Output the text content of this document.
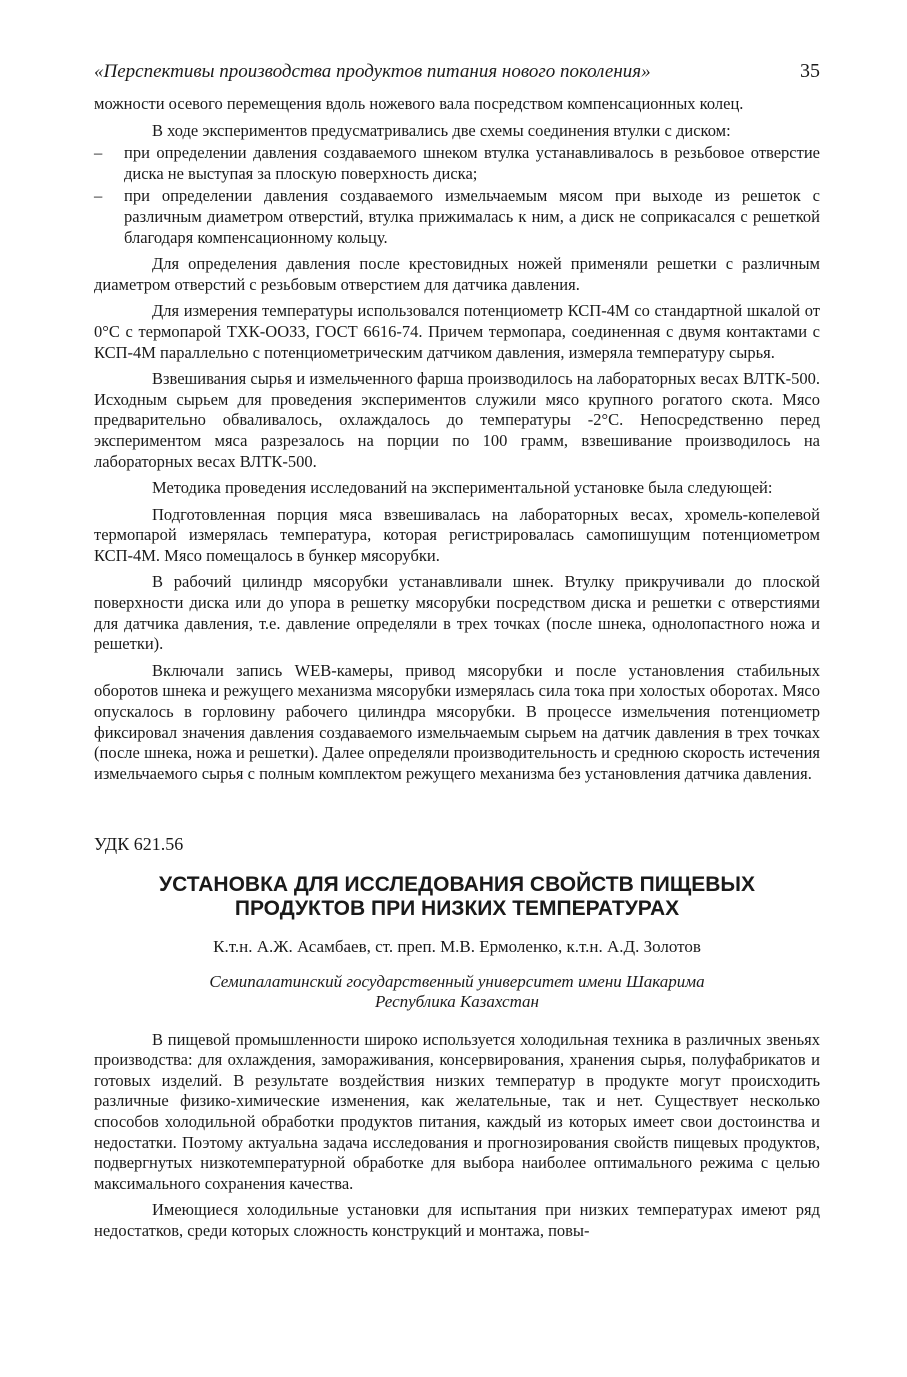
«Перспективы производства продуктов питания нового поколения»	35

можности осевого перемещения вдоль ножевого вала посредством компенсационных колец.

В ходе экспериментов предусматривались две схемы соединения втулки с диском:

–	при определении давления создаваемого шнеком втулка устанавливалось в резьбовое отверстие диска не выступая за плоскую поверхность диска;
–	при определении давления создаваемого измельчаемым мясом при выходе из решеток с различным диаметром отверстий, втулка прижималась к ним, а диск не соприкасался с решеткой благодаря компенсационному кольцу.

Для определения давления после крестовидных ножей применяли решетки с различным диаметром отверстий с резьбовым отверстием для датчика давления.

Для измерения температуры использовался потенциометр КСП-4М со стандартной шкалой от 0°С с термопарой ТХК-ООЗЗ, ГОСТ 6616-74. Причем термопара, соединенная с двумя контактами с КСП-4М параллельно с потенциометрическим датчиком давления, измеряла температуру сырья.

Взвешивания сырья и измельченного фарша производилось на лабораторных весах ВЛТК-500. Исходным сырьем для проведения экспериментов служили мясо крупного рогатого скота. Мясо предварительно обваливалось, охлаждалось до температуры -2°С. Непосредственно перед экспериментом мяса разрезалось на порции по 100 грамм, взвешивание производилось на лабораторных весах ВЛТК-500.

Методика проведения исследований на экспериментальной установке была следующей:

Подготовленная порция мяса взвешивалась на лабораторных весах, хромель-копелевой термопарой измерялась температура, которая регистрировалась самопишущим потенциометром КСП-4М. Мясо помещалось в бункер мясорубки.

В рабочий цилиндр мясорубки устанавливали шнек. Втулку прикручивали до плоской поверхности диска или до упора в решетку мясорубки посредством диска и решетки с отверстиями для датчика давления, т.е. давление определяли в трех точках (после шнека, однолопастного ножа и решетки).

Включали запись WEB-камеры, привод мясорубки и после установления стабильных оборотов шнека и режущего механизма мясорубки измерялась сила тока при холостых оборотах. Мясо опускалось в горловину рабочего цилиндра мясорубки. В процессе измельчения потенциометр фиксировал значения давления создаваемого измельчаемым сырьем на датчик давления в трех точках (после шнека, ножа и решетки). Далее определяли производительность и среднюю скорость истечения измельчаемого сырья с полным комплектом режущего механизма без установления датчика давления.

УДК 621.56
УСТАНОВКА ДЛЯ ИССЛЕДОВАНИЯ СВОЙСТВ ПИЩЕВЫХ
ПРОДУКТОВ ПРИ НИЗКИХ ТЕМПЕРАТУРАХ
К.т.н. А.Ж. Асамбаев, ст. преп. М.В. Ермоленко, к.т.н. А.Д. Золотов
Семипалатинский государственный университет имени Шакарима
Республика Казахстан

В пищевой промышленности широко используется холодильная техника в различных звеньях производства: для охлаждения, замораживания, консервирования, хранения сырья, полуфабрикатов и готовых изделий. В результате воздействия низких температур в продукте могут происходить различные физико-химические изменения, как желательные, так и нет. Существует несколько способов холодильной обработки продуктов питания, каждый из которых имеет свои достоинства и недостатки. Поэтому актуальна задача исследования и прогнозирования свойств пищевых продуктов, подвергнутых низкотемпературной обработке для выбора наиболее оптимального режима с целью максимального сохранения качества.

Имеющиеся холодильные установки для испытания при низких температурах имеют ряд недостатков, среди которых сложность конструкций и монтажа, повы-
